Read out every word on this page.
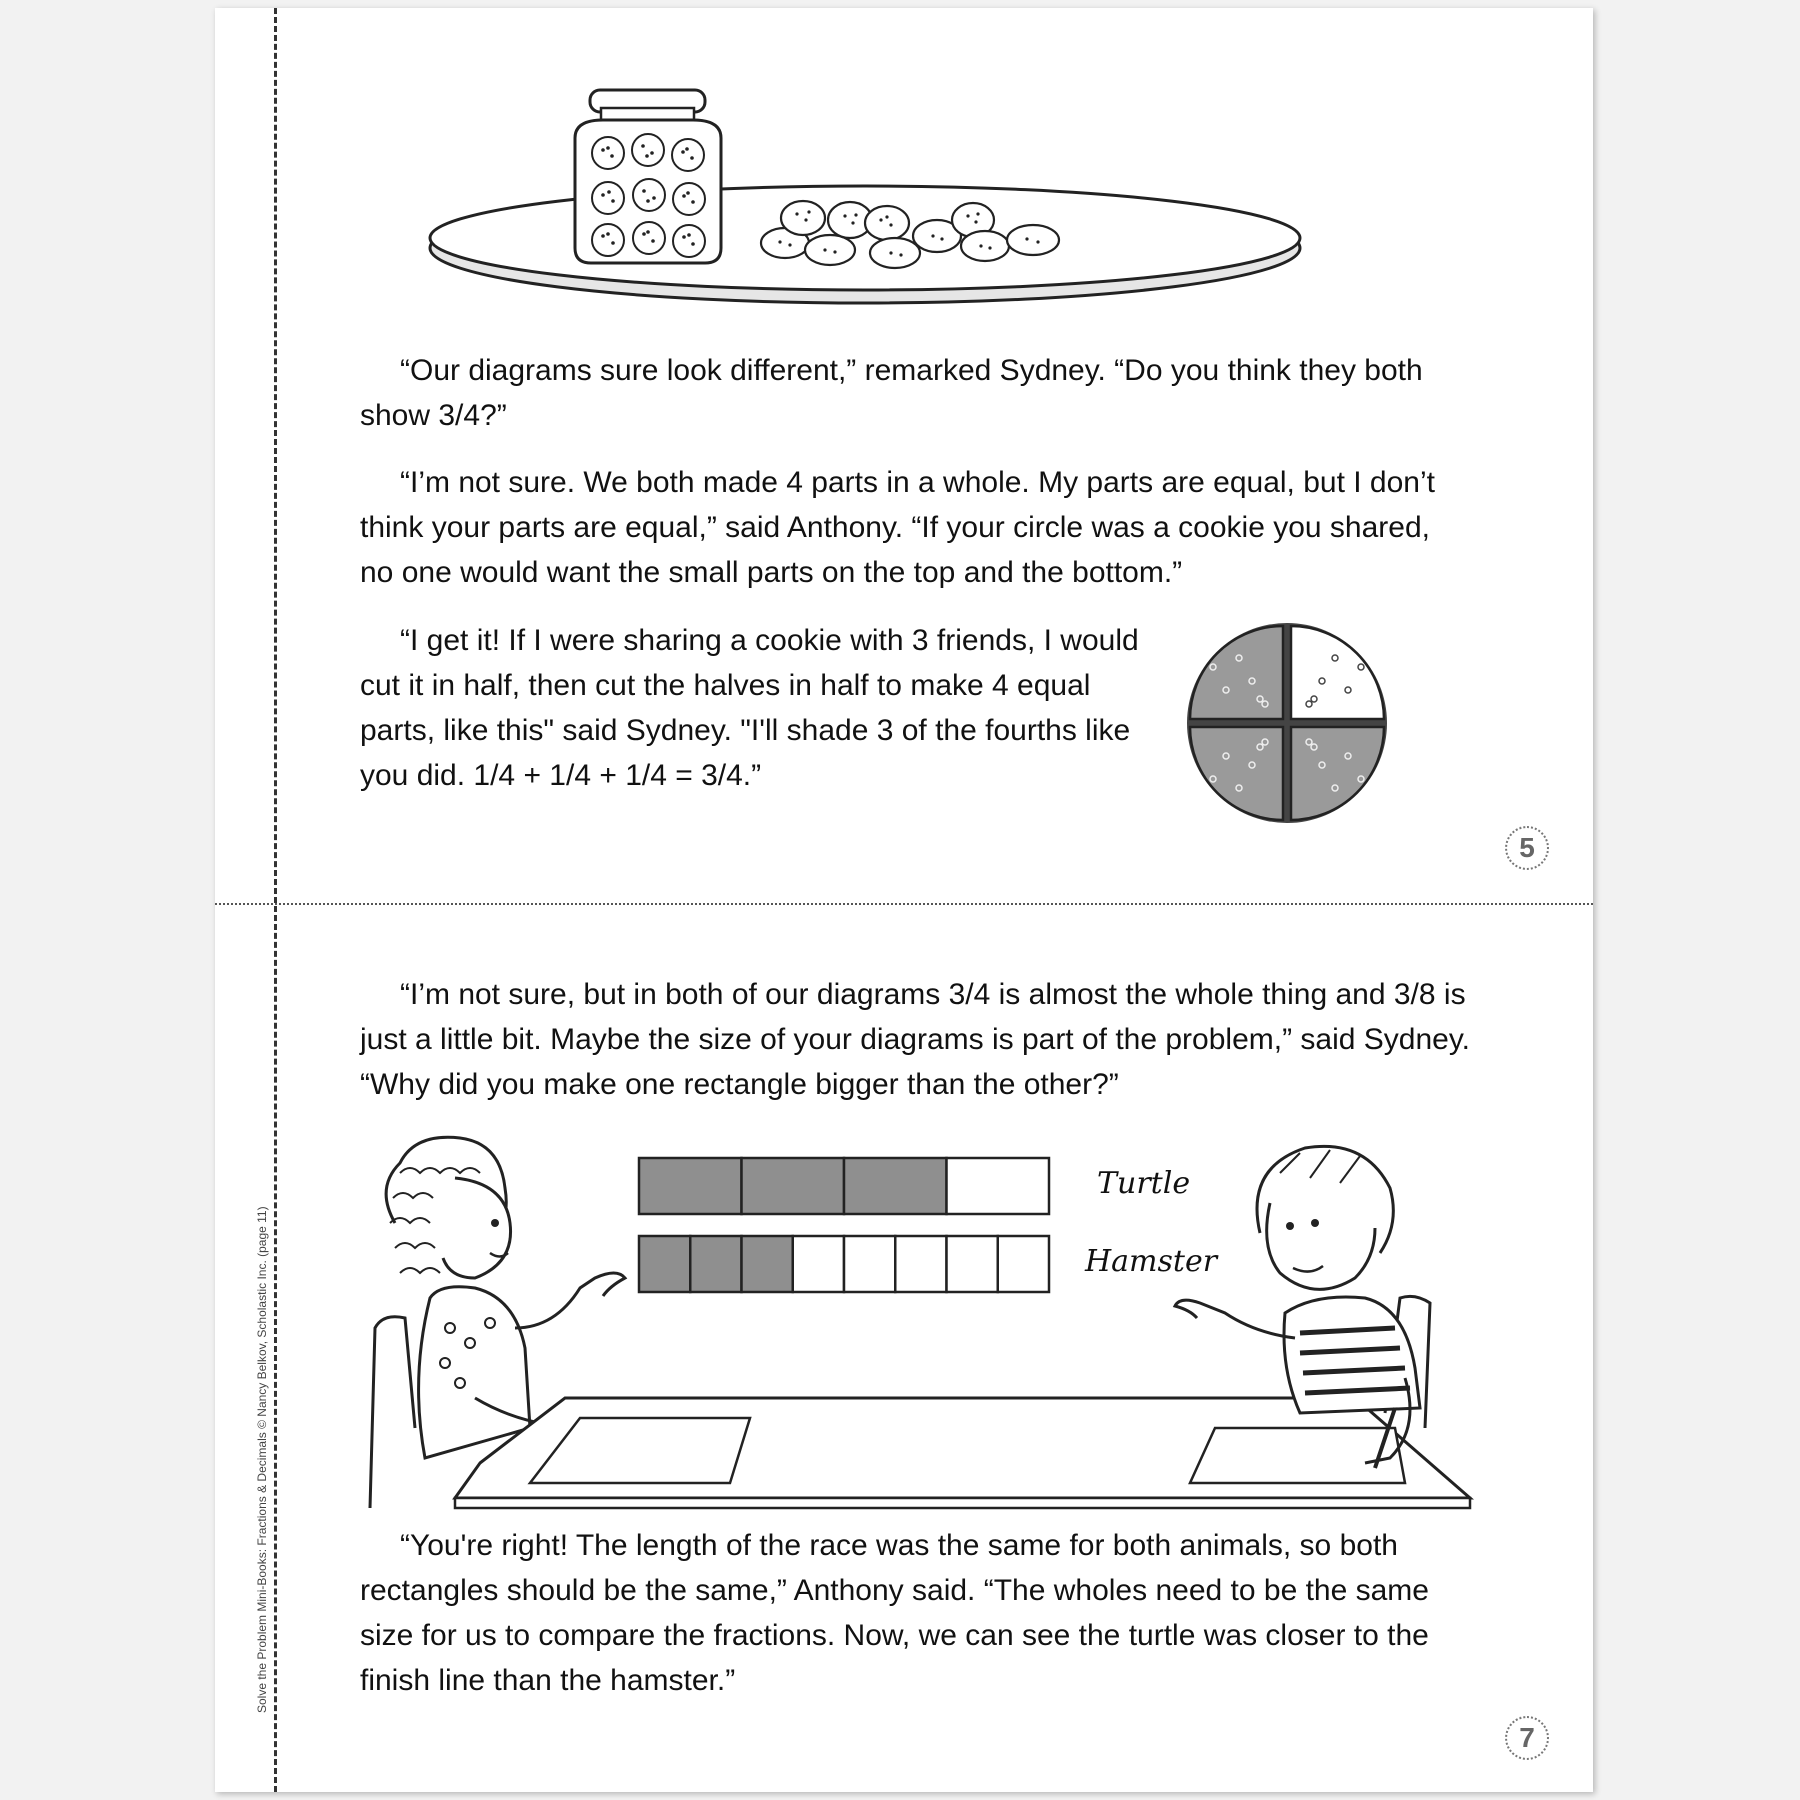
Solve the Problem Mini-Books: Fractions & Decimals © Nancy Belkov, Scholastic Inc. (page 11)

“Our diagrams sure look different,” remarked Sydney. “Do you think they both show 3/4?”

“I’m not sure. We both made 4 parts in a whole. My parts are equal, but I don’t think your parts are equal,” said Anthony. “If your circle was a cookie you shared, no one would want the small parts on the top and the bottom.”

“I get it! If I were sharing a cookie with 3 friends, I would cut it in half, then cut the halves in half to make 4 equal parts, like this" said Sydney. "I'll shade 3 of the fourths like you did. 1/4 + 1/4 + 1/4 = 3/4.”

5

“I’m not sure, but in both of our diagrams 3/4 is almost the whole thing and 3/8 is just a little bit. Maybe the size of your diagrams is part of the problem,” said Sydney. “Why did you make one rectangle bigger than the other?”

Turtle
Hamster

“You're right! The length of the race was the same for both animals, so both rectangles should be the same,” Anthony said. “The wholes need to be the same size for us to compare the fractions. Now, we can see the turtle was closer to the finish line than the hamster.”

7
